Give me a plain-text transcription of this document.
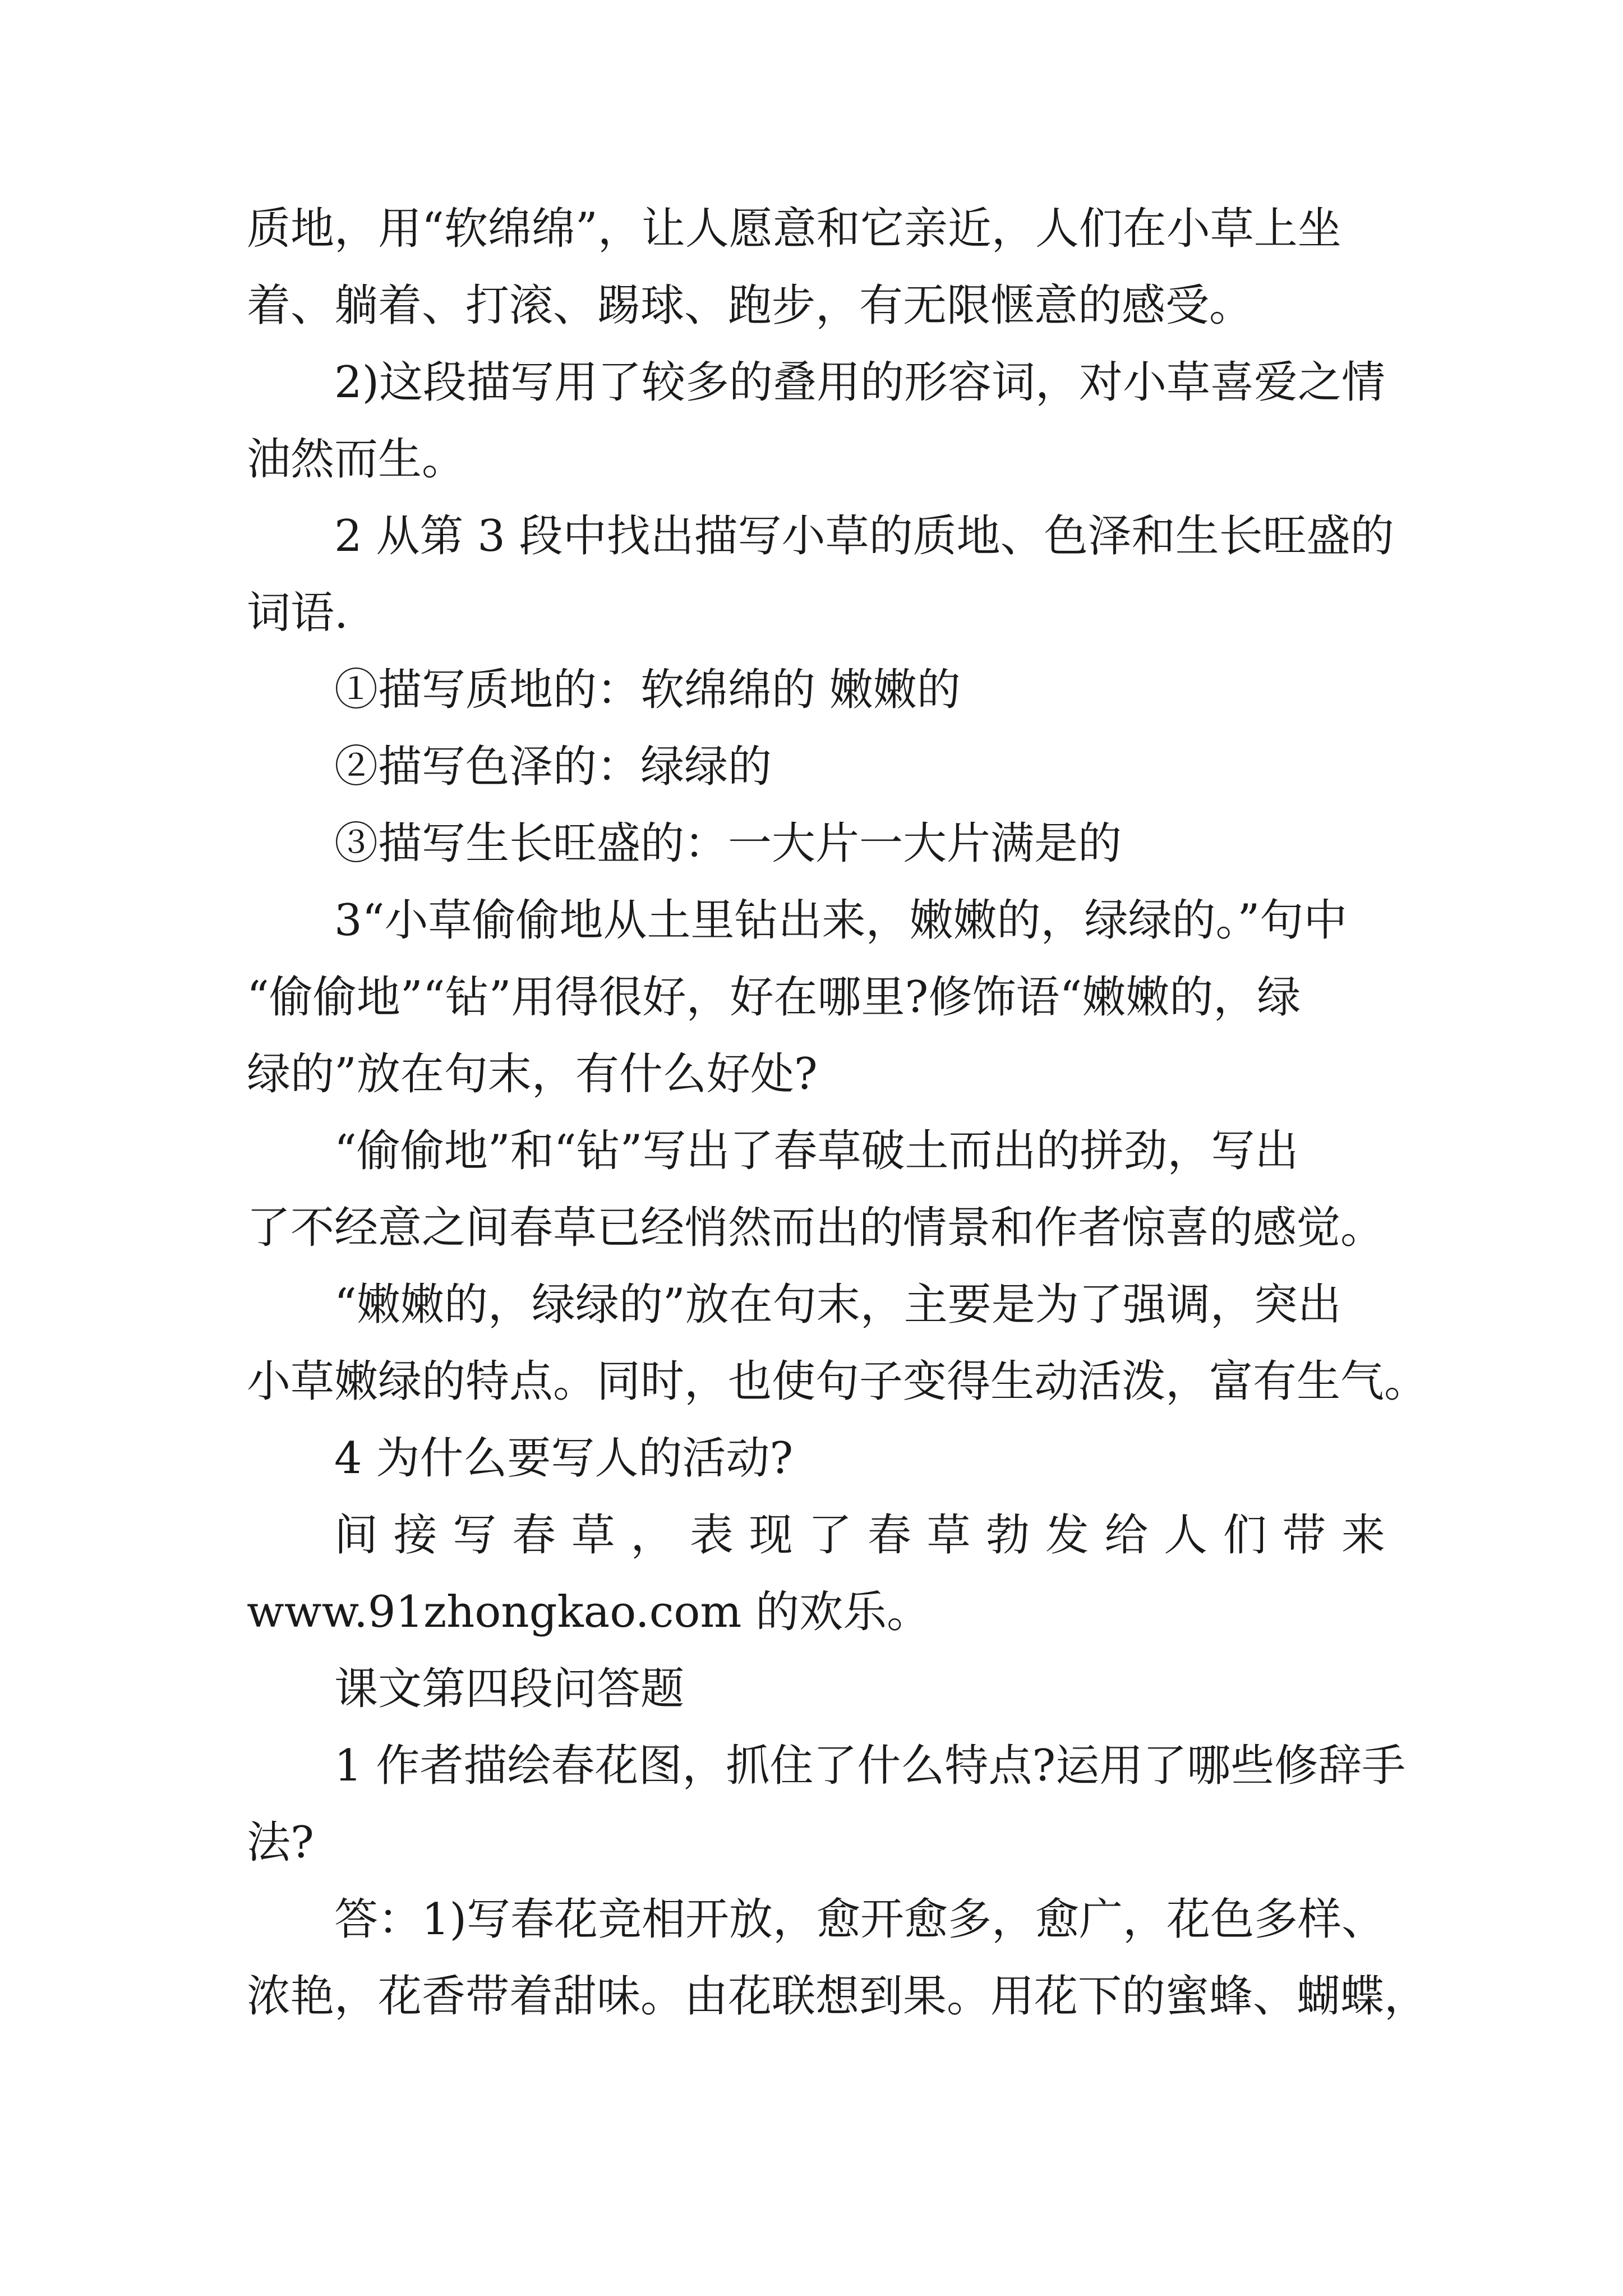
质地，用“软绵绵”，让人愿意和它亲近，人们在小草上坐
着、躺着、打滚、踢球、跑步，有无限惬意的感受。
2)这段描写用了较多的叠用的形容词，对小草喜爱之情
油然而生。
2 从第 3 段中找出描写小草的质地、色泽和生长旺盛的
词语.
①描写质地的：软绵绵的 嫩嫩的
②描写色泽的：绿绿的
③描写生长旺盛的：一大片一大片满是的
3“小草偷偷地从土里钻出来，嫩嫩的，绿绿的。”句中
“偷偷地”“钻”用得很好，好在哪里?修饰语“嫩嫩的，绿
绿的”放在句末，有什么好处?
“偷偷地”和“钻”写出了春草破土而出的拼劲，写出
了不经意之间春草已经悄然而出的情景和作者惊喜的感觉。
“嫩嫩的，绿绿的”放在句末，主要是为了强调，突出
小草嫩绿的特点。同时，也使句子变得生动活泼，富有生气。
4 为什么要写人的活动?
间 接 写 春 草 ， 表 现 了 春 草 勃 发 给 人 们 带 来
www.91zhongkao.com 的欢乐。
课文第四段问答题
1 作者描绘春花图，抓住了什么特点?运用了哪些修辞手
法?
答：1)写春花竞相开放，愈开愈多，愈广，花色多样、
浓艳，花香带着甜味。由花联想到果。用花下的蜜蜂、蝴蝶，
